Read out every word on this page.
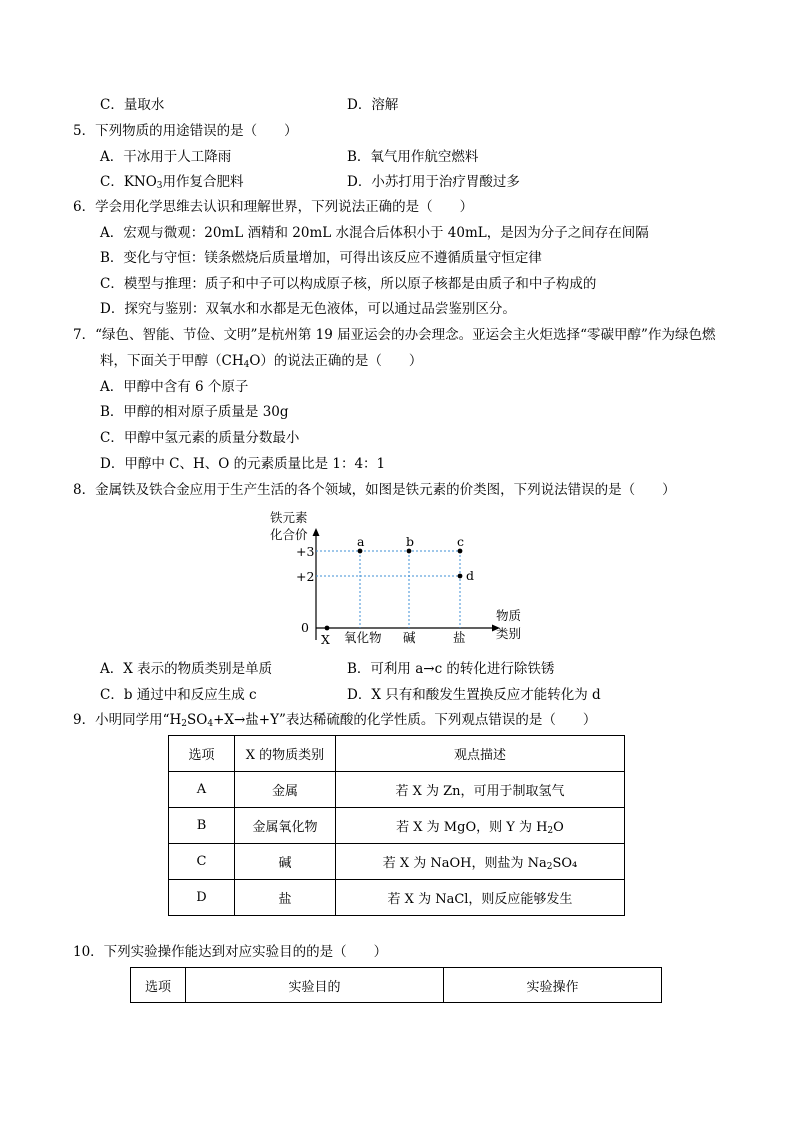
C．量取水	D．溶解
5．下列物质的用途错误的是（　　）
A．干冰用于人工降雨	B．氧气用作航空燃料
C．$KNO_3$用作复合肥料	D．小苏打用于治疗胃酸过多
6．学会用化学思维去认识和理解世界，下列说法正确的是（　　）
A．宏观与微观：20mL 酒精和 20mL 水混合后体积小于 40mL，是因为分子之间存在间隔
B．变化与守恒：镁条燃烧后质量增加，可得出该反应不遵循质量守恒定律
C．模型与推理：质子和中子可以构成原子核，所以原子核都是由质子和中子构成的
D．探究与鉴别：双氧水和水都是无色液体，可以通过品尝鉴别区分。
7．“绿色、智能、节俭、文明”是杭州第 19 届亚运会的办会理念。亚运会主火炬选择“零碳甲醇”作为绿色燃
料，下面关于甲醇$(CH_4O)$的说法正确的是（　　）
A．甲醇中含有 6 个原子
B．甲醇的相对原子质量是 30g
C．甲醇中氢元素的质量分数最小
D．甲醇中 C、H、O 的元素质量比是 1：4：1
8．金属铁及铁合金应用于生产生活的各个领域，如图是铁元素的价类图，下列说法错误的是（　　）
铁元素
化合价
物质
类别
+3
+2
0
X 氧化物 碱	盐
a	b	c
d
A．X 表示的物质类别是单质	B．可利用 a→c 的转化进行除铁锈
C．b 通过中和反应生成 c	D．X 只有和酸发生置换反应才能转化为 d
9．小明同学用“$H_2SO_4+X\to$盐+Y”表达稀硫酸的化学性质。下列观点错误的是（　　）
选项	X 的物质类别	观点描述
A	金属	若 X 为 Zn，可用于制取氢气
B	金属氧化物	若 X 为 MgO，则 Y 为 $H_2O$
C	碱	若 X 为 NaOH，则盐为 $Na_2SO_4$
D	盐	若 X 为 NaCl，则反应能够发生
10．下列实验操作能达到对应实验目的的是（　　）
选项	实验目的	实验操作
